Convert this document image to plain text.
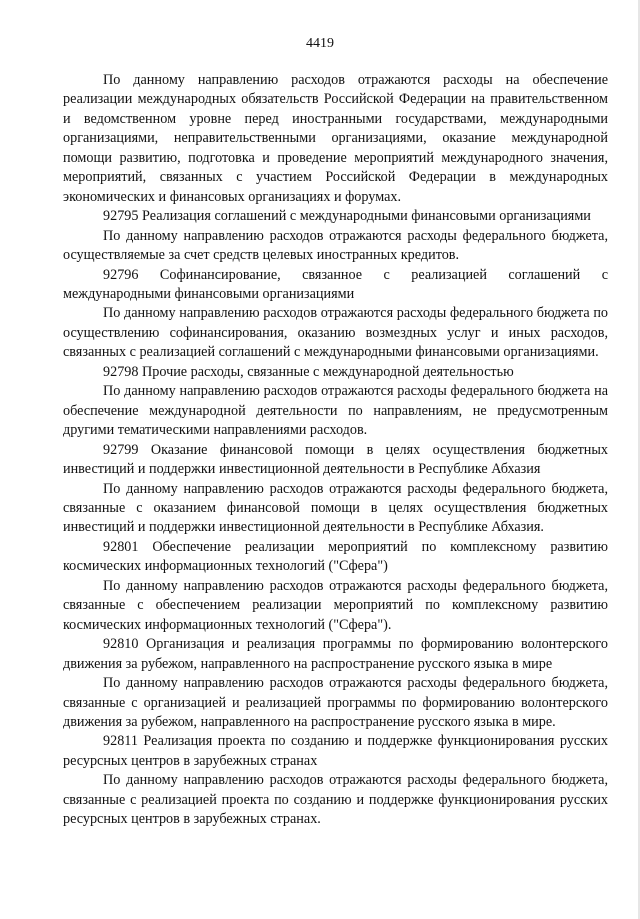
4419

По данному направлению расходов отражаются расходы на обеспечение реализации международных обязательств Российской Федерации на правительственном и ведомственном уровне перед иностранными государствами, международными организациями, неправительственными организациями, оказание международной помощи развитию, подготовка и проведение мероприятий международного значения, мероприятий, связанных с участием Российской Федерации в международных экономических и финансовых организациях и форумах.

92795 Реализация соглашений с международными финансовыми организациями

По данному направлению расходов отражаются расходы федерального бюджета, осуществляемые за счет средств целевых иностранных кредитов.

92796 Софинансирование, связанное с реализацией соглашений с международными финансовыми организациями

По данному направлению расходов отражаются расходы федерального бюджета по осуществлению софинансирования, оказанию возмездных услуг и иных расходов, связанных с реализацией соглашений с международными финансовыми организациями.

92798 Прочие расходы, связанные с международной деятельностью

По данному направлению расходов отражаются расходы федерального бюджета на обеспечение международной деятельности по направлениям, не предусмотренным другими тематическими направлениями расходов.

92799 Оказание финансовой помощи в целях осуществления бюджетных инвестиций и поддержки инвестиционной деятельности в Республике Абхазия

По данному направлению расходов отражаются расходы федерального бюджета, связанные с оказанием финансовой помощи в целях осуществления бюджетных инвестиций и поддержки инвестиционной деятельности в Республике Абхазия.

92801 Обеспечение реализации мероприятий по комплексному развитию космических информационных технологий ("Сфера")

По данному направлению расходов отражаются расходы федерального бюджета, связанные с обеспечением реализации мероприятий по комплексному развитию космических информационных технологий ("Сфера").

92810 Организация и реализация программы по формированию волонтерского движения за рубежом, направленного на распространение русского языка в мире

По данному направлению расходов отражаются расходы федерального бюджета, связанные с организацией и реализацией программы по формированию волонтерского движения за рубежом, направленного на распространение русского языка в мире.

92811 Реализация проекта по созданию и поддержке функционирования русских ресурсных центров в зарубежных странах

По данному направлению расходов отражаются расходы федерального бюджета, связанные с реализацией проекта по созданию и поддержке функционирования русских ресурсных центров в зарубежных странах.
